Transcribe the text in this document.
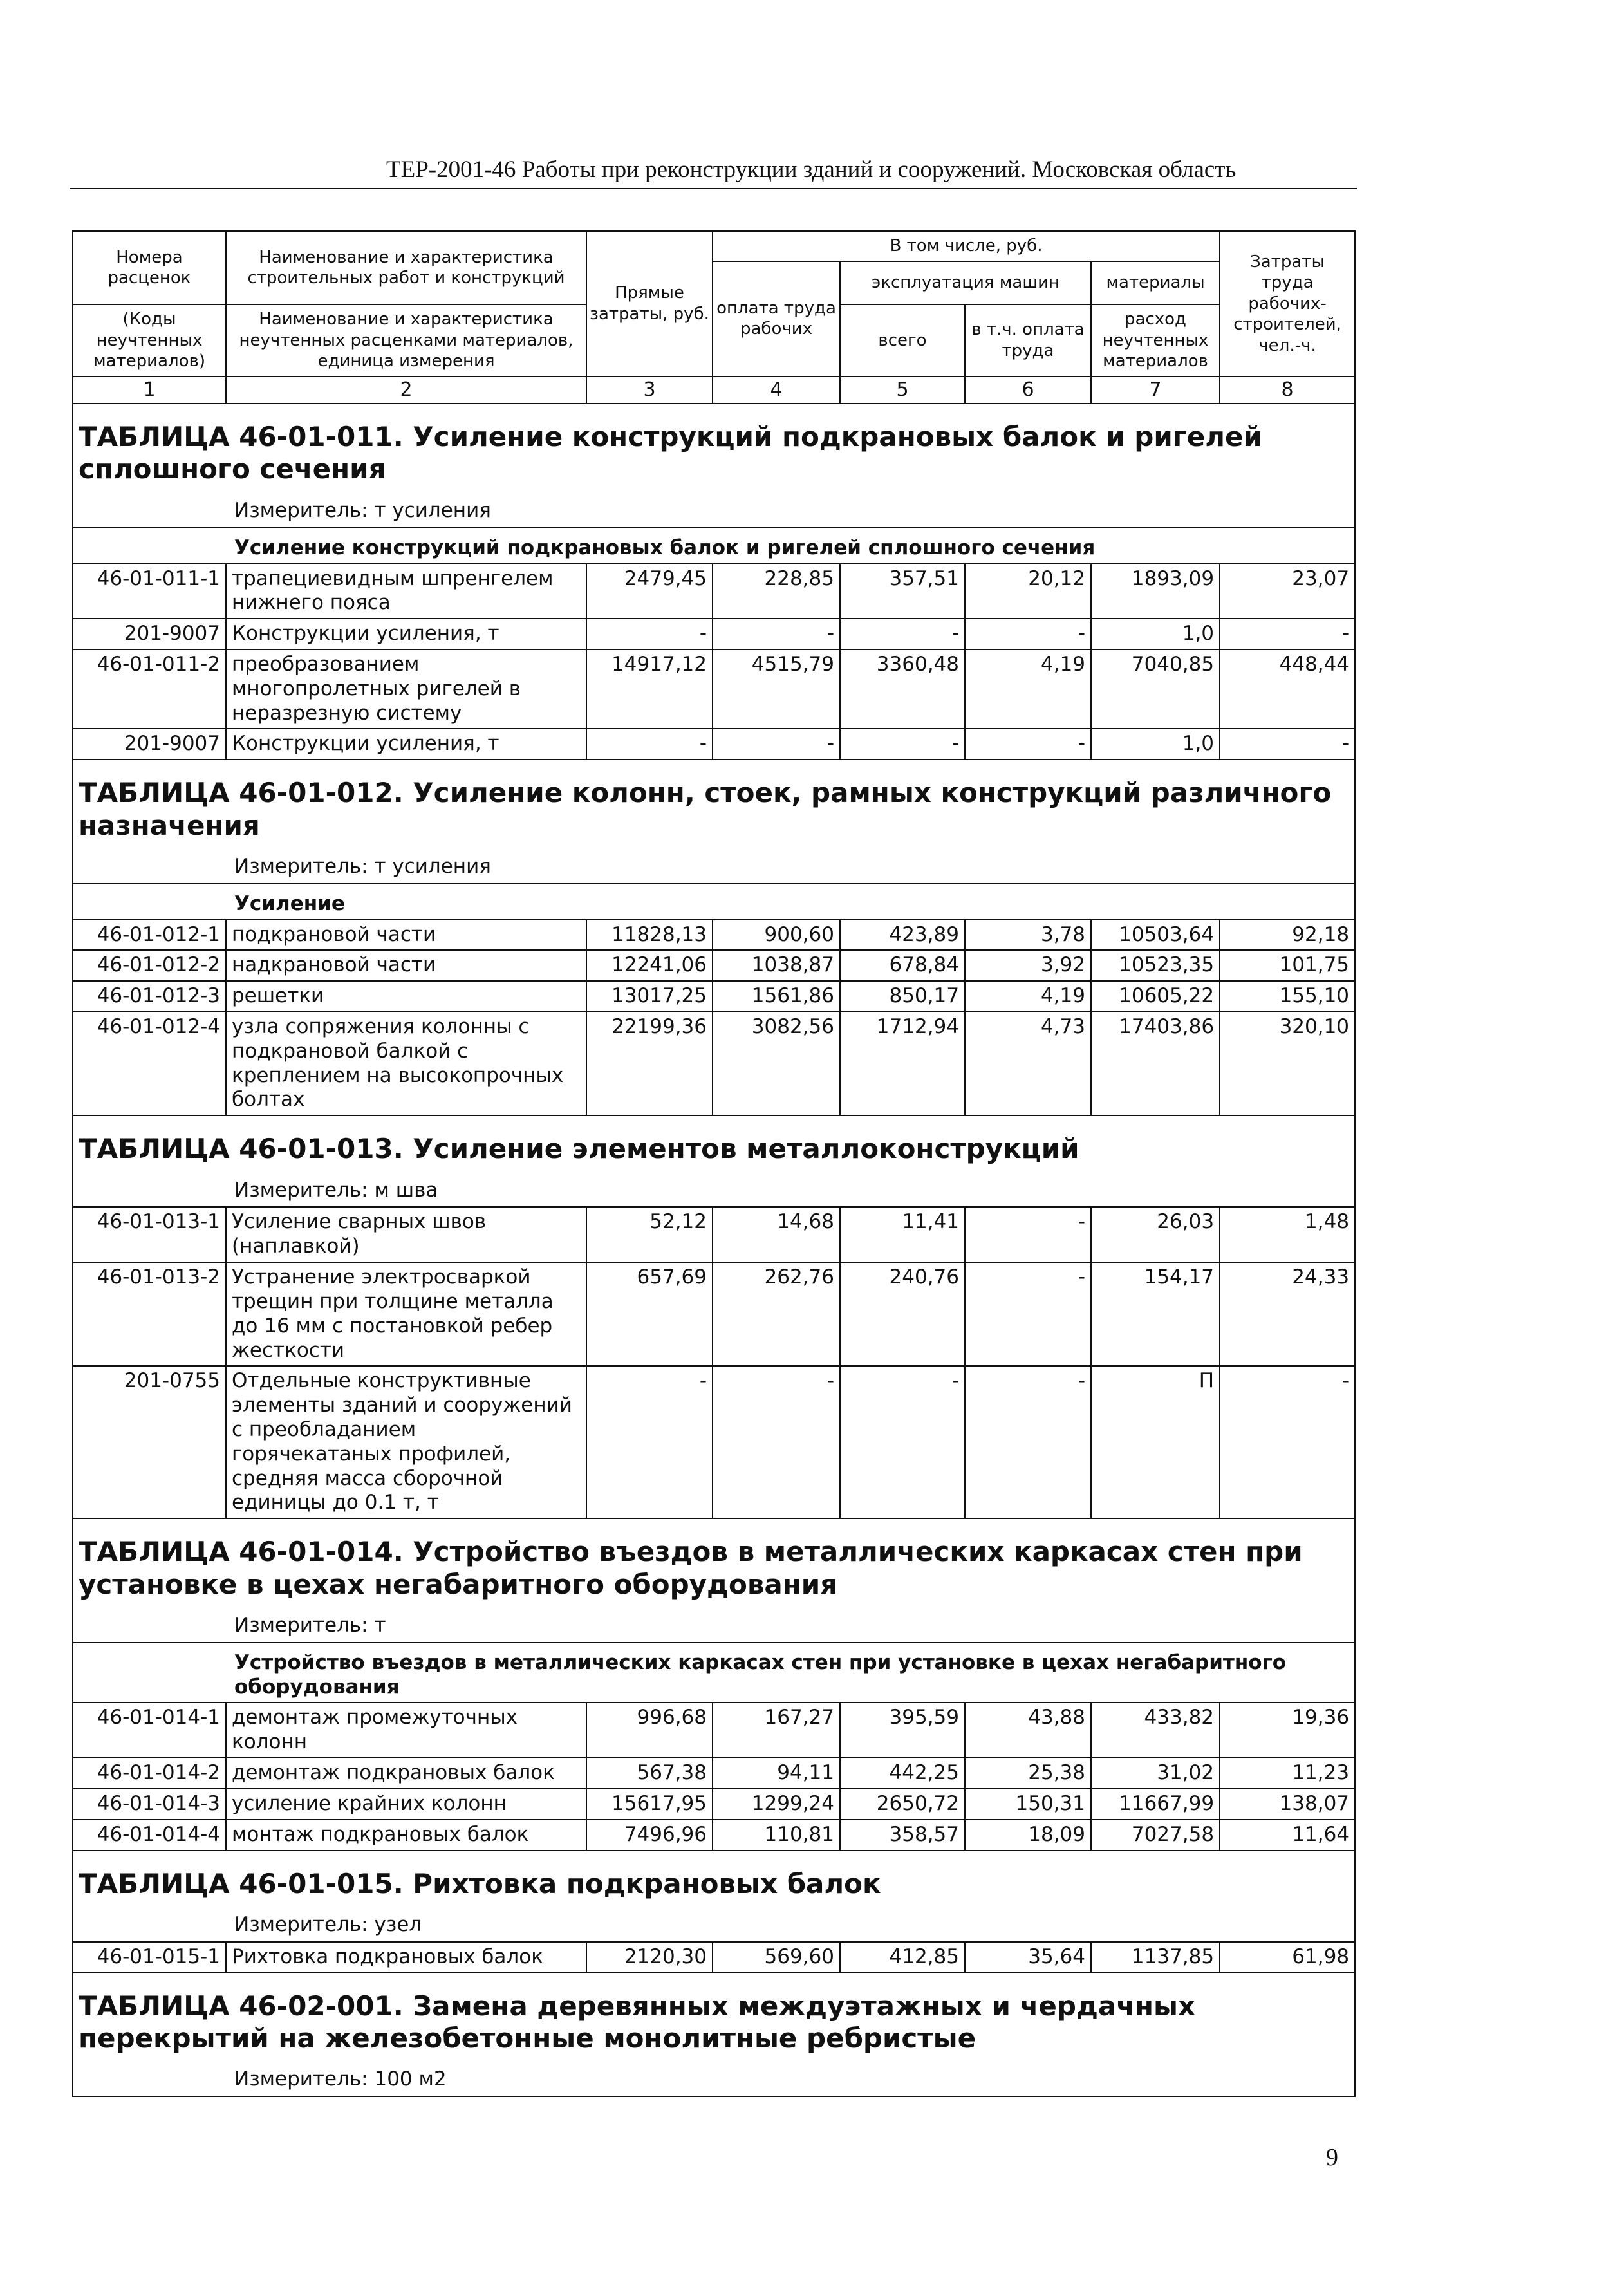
ТЕР-2001-46 Работы при реконструкции зданий и сооружений. Московская область
Номера расценок	Наименование и характеристика строительных работ и конструкций	Прямые затраты, руб.	В том числе, руб.				Затраты труда рабочих-строителей, чел.-ч.
			оплата труда рабочих	эксплуатация машин		материалы	
(Коды неучтенных материалов)	Наименование и характеристика неучтенных расценками материалов, единица измерения			всего	в т.ч. оплата труда	расход неучтенных материалов	

1	2	3	4	5	6	7	8
ТАБЛИЦА 46-01-011. Усиление конструкций подкрановых балок и ригелей сплошного сечения							
Измеритель: т усиления							
Усиление конструкций подкрановых балок и ригелей сплошного сечения							
46-01-011-1	трапециевидным шпренгелем нижнего пояса	2479,45	228,85	357,51	20,12	1893,09	23,07
201-9007	Конструкции усиления, т	-	-	-	-	1,0	-
46-01-011-2	преобразованием многопролетных ригелей в неразрезную систему	14917,12	4515,79	3360,48	4,19	7040,85	448,44
201-9007	Конструкции усиления, т	-	-	-	-	1,0	-
ТАБЛИЦА 46-01-012. Усиление колонн, стоек, рамных конструкций различного назначения							
Измеритель: т усиления							
Усиление							
46-01-012-1	подкрановой части	11828,13	900,60	423,89	3,78	10503,64	92,18
46-01-012-2	надкрановой части	12241,06	1038,87	678,84	3,92	10523,35	101,75
46-01-012-3	решетки	13017,25	1561,86	850,17	4,19	10605,22	155,10
46-01-012-4	узла сопряжения колонны с подкрановой балкой с креплением на высокопрочных болтах	22199,36	3082,56	1712,94	4,73	17403,86	320,10
ТАБЛИЦА 46-01-013. Усиление элементов металлоконструкций							
Измеритель: м шва							
46-01-013-1	Усиление сварных швов (наплавкой)	52,12	14,68	11,41	-	26,03	1,48
46-01-013-2	Устранение электросваркой трещин при толщине металла до 16 мм с постановкой ребер жесткости	657,69	262,76	240,76	-	154,17	24,33
201-0755	Отдельные конструктивные элементы зданий и сооружений с преобладанием горячекатаных профилей, средняя масса сборочной единицы до 0.1 т, т	-	-	-	-	П	-
ТАБЛИЦА 46-01-014. Устройство въездов в металлических каркасах стен при установке в цехах негабаритного оборудования							
Измеритель: т							
Устройство въездов в металлических каркасах стен при установке в цехах негабаритного оборудования							
46-01-014-1	демонтаж промежуточных колонн	996,68	167,27	395,59	43,88	433,82	19,36
46-01-014-2	демонтаж подкрановых балок	567,38	94,11	442,25	25,38	31,02	11,23
46-01-014-3	усиление крайних колонн	15617,95	1299,24	2650,72	150,31	11667,99	138,07
46-01-014-4	монтаж подкрановых балок	7496,96	110,81	358,57	18,09	7027,58	11,64
ТАБЛИЦА 46-01-015. Рихтовка подкрановых балок							
Измеритель: узел							
46-01-015-1	Рихтовка подкрановых балок	2120,30	569,60	412,85	35,64	1137,85	61,98
ТАБЛИЦА 46-02-001. Замена деревянных междуэтажных и чердачных перекрытий на железобетонные монолитные ребристые							
Измеритель: 100 м2							
9
